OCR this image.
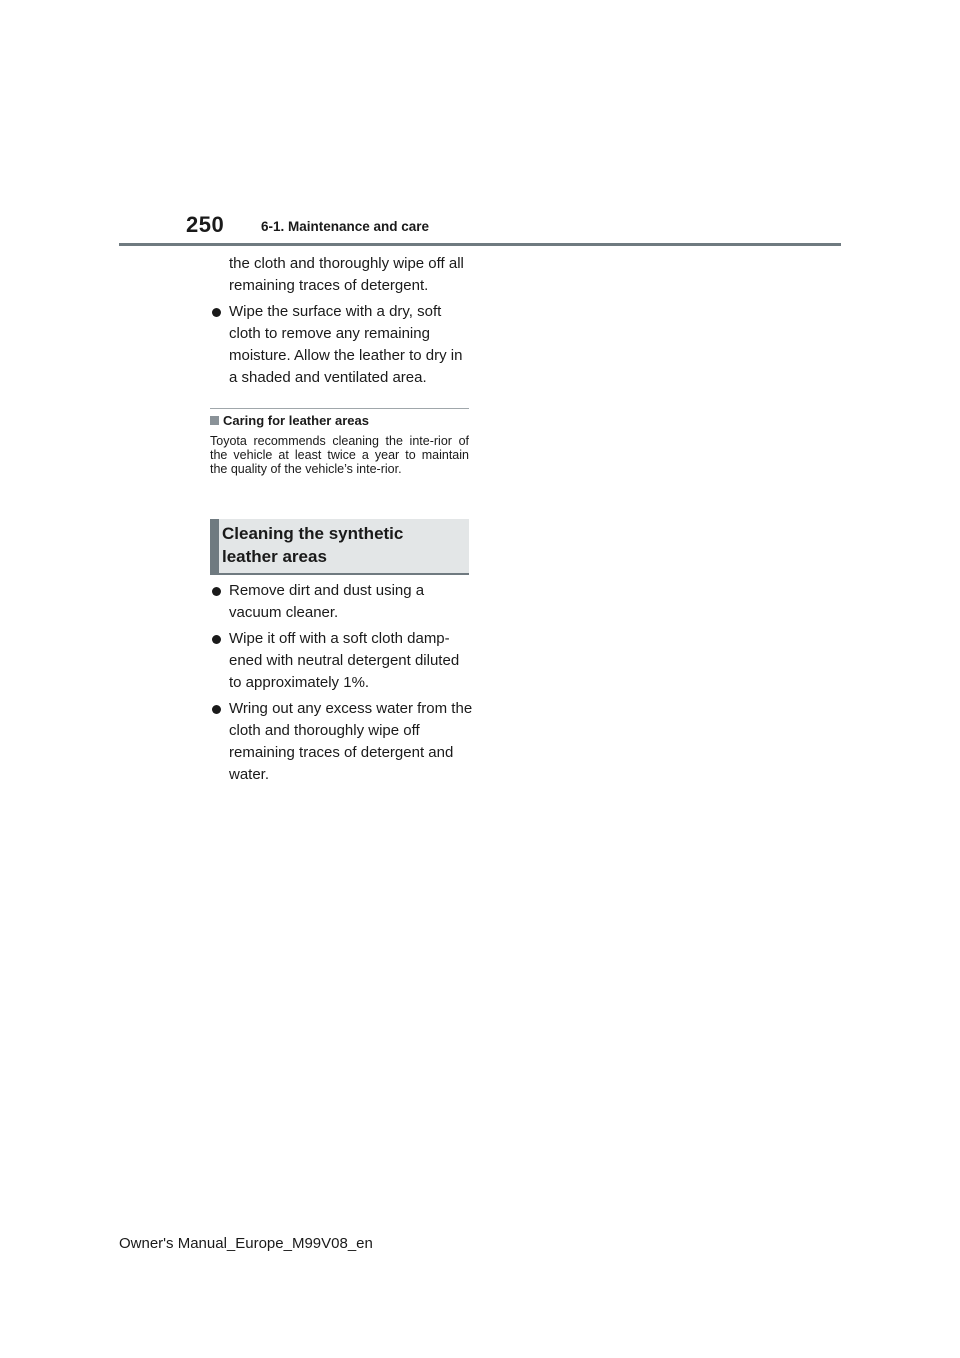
250	6-1. Maintenance and care
the cloth and thoroughly wipe off all remaining traces of detergent.
Wipe the surface with a dry, soft cloth to remove any remaining moisture. Allow the leather to dry in a shaded and ventilated area.
Caring for leather areas
Toyota recommends cleaning the inte-rior of the vehicle at least twice a year to maintain the quality of the vehicle’s inte-rior.
Cleaning the synthetic leather areas
Remove dirt and dust using a vacuum cleaner.
Wipe it off with a soft cloth damp-ened with neutral detergent diluted to approximately 1%.
Wring out any excess water from the cloth and thoroughly wipe off remaining traces of detergent and water.
Owner's Manual_Europe_M99V08_en
